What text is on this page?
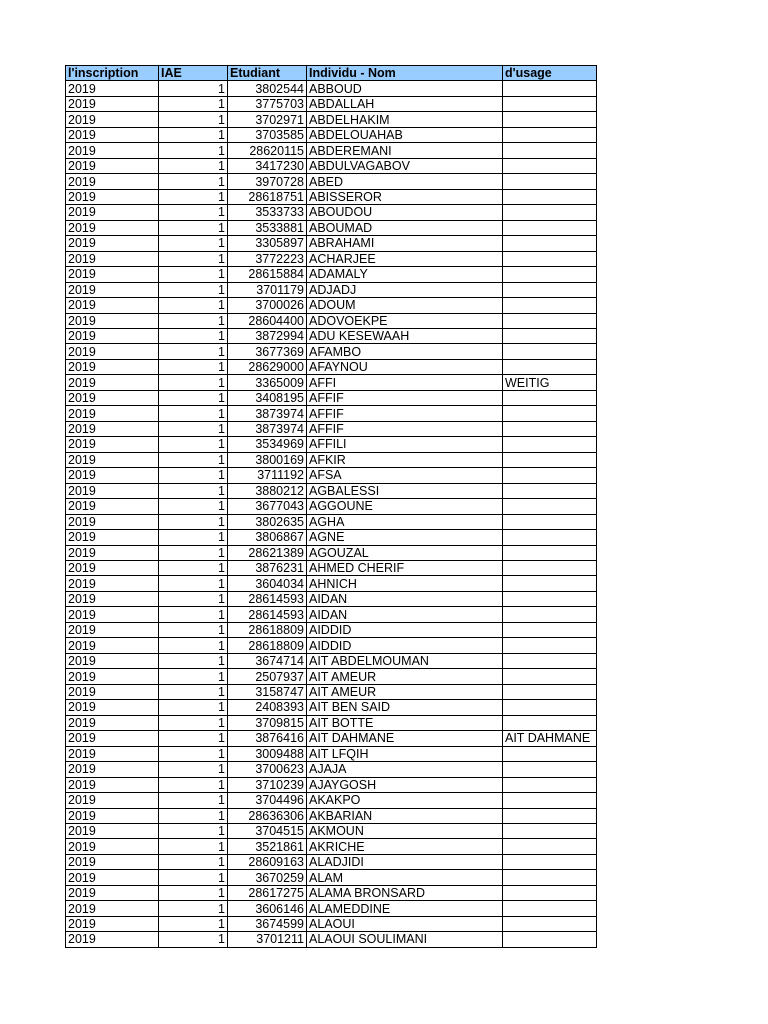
l'inscription	IAE	Etudiant	Individu - Nom	d'usage
2019	1	3802544	ABBOUD	
2019	1	3775703	ABDALLAH	
2019	1	3702971	ABDELHAKIM	
2019	1	3703585	ABDELOUAHAB	
2019	1	28620115	ABDEREMANI	
2019	1	3417230	ABDULVAGABOV	
2019	1	3970728	ABED	
2019	1	28618751	ABISSEROR	
2019	1	3533733	ABOUDOU	
2019	1	3533881	ABOUMAD	
2019	1	3305897	ABRAHAMI	
2019	1	3772223	ACHARJEE	
2019	1	28615884	ADAMALY	
2019	1	3701179	ADJADJ	
2019	1	3700026	ADOUM	
2019	1	28604400	ADOVOEKPE	
2019	1	3872994	ADU KESEWAAH	
2019	1	3677369	AFAMBO	
2019	1	28629000	AFAYNOU	
2019	1	3365009	AFFI	WEITIG
2019	1	3408195	AFFIF	
2019	1	3873974	AFFIF	
2019	1	3873974	AFFIF	
2019	1	3534969	AFFILI	
2019	1	3800169	AFKIR	
2019	1	3711192	AFSA	
2019	1	3880212	AGBALESSI	
2019	1	3677043	AGGOUNE	
2019	1	3802635	AGHA	
2019	1	3806867	AGNE	
2019	1	28621389	AGOUZAL	
2019	1	3876231	AHMED CHERIF	
2019	1	3604034	AHNICH	
2019	1	28614593	AIDAN	
2019	1	28614593	AIDAN	
2019	1	28618809	AIDDID	
2019	1	28618809	AIDDID	
2019	1	3674714	AIT ABDELMOUMAN	
2019	1	2507937	AIT AMEUR	
2019	1	3158747	AIT AMEUR	
2019	1	2408393	AIT BEN SAID	
2019	1	3709815	AIT BOTTE	
2019	1	3876416	AIT DAHMANE	AIT DAHMANE
2019	1	3009488	AIT LFQIH	
2019	1	3700623	AJAJA	
2019	1	3710239	AJAYGOSH	
2019	1	3704496	AKAKPO	
2019	1	28636306	AKBARIAN	
2019	1	3704515	AKMOUN	
2019	1	3521861	AKRICHE	
2019	1	28609163	ALADJIDI	
2019	1	3670259	ALAM	
2019	1	28617275	ALAMA BRONSARD	
2019	1	3606146	ALAMEDDINE	
2019	1	3674599	ALAOUI	
2019	1	3701211	ALAOUI SOULIMANI	
